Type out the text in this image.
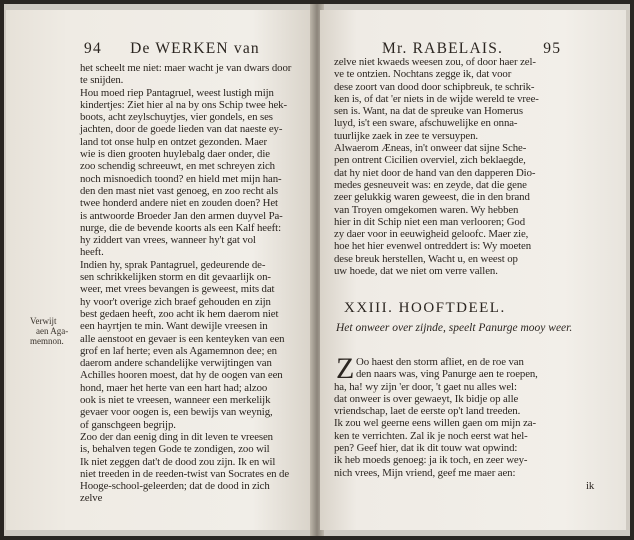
94 De WERKEN van
Verwijt
aen Aga-
memnon.
het scheelt me niet: maer wacht je van dwars door
te snijden.
Hou moed riep Pantagruel, weest lustigh mijn
kindertjes: Ziet hier al na by ons Schip twee hek-
boots, acht zeylschuytjes, vier gondels, en ses
jachten, door de goede lieden van dat naeste ey-
land tot onse hulp en ontzet gezonden. Maer
wie is dien grooten huylebalg daer onder, die
zoo schendig schreeuwt, en met schreyen zich
noch misnoedich toond? en hield met mijn han-
den den mast niet vast genoeg, en zoo recht als
twee honderd andere niet en zouden doen? Het
is antwoorde Broeder Jan den armen duyvel Pa-
nurge, die de bevende koorts als een Kalf heeft:
hy ziddert van vrees, wanneer hy't gat vol
heeft.
Indien hy, sprak Pantagruel, gedeurende de-
sen schrikkelijken storm en dit gevaarlijk on-
weer, met vrees bevangen is geweest, mits dat
hy voor't overige zich braef gehouden en zijn
best gedaen heeft, zoo acht ik hem daerom niet
een hayrtjen te min. Want dewijle vreesen in
alle aenstoot en gevaer is een kenteyken van een
grof en laf herte; even als Agamemnon dee; en
daerom andere schandelijke verwijtingen van
Achilles hooren moest, dat hy de oogen van een
hond, maer het herte van een hart had; alzoo
ook is niet te vreesen, wanneer een merkelijk
gevaer voor oogen is, een bewijs van weynig,
of ganschgeen begrijp.
Zoo der dan eenig ding in dit leven te vreesen
is, behalven tegen Gode te zondigen, zoo wil
Ik niet zeggen dat't de dood zou zijn. Ik en wil
niet treeden in de reeden-twist van Socrates en de
Hooge-school-geleerden; dat de dood in zich
zelve
Mr. RABELAIS.	95
zelve niet kwaeds weesen zou, of door haer zel-
ve te ontzien. Nochtans zegge ik, dat voor
dese zoort van dood door schipbreuk, te schrik-
ken is, of dat 'er niets in de wijde wereld te vree-
sen is. Want, na dat de spreuke van Homerus
luyd, is't een sware, afschuwelijke en onna-
tuurlijke zaek in zee te versuypen.
Alwaerom Æneas, in't onweer dat sijne Sche-
pen ontrent Cicilien overviel, zich beklaegde,
dat hy niet door de hand van den dapperen Dio-
medes gesneuveit was: en zeyde, dat die gene
zeer gelukkig waren geweest, die in den brand
van Troyen omgekomen waren. Wy hebben
hier in dit Schip niet een man verlooren; God
zy daer voor in eeuwigheid geloofc. Maer zie,
hoe het hier evenwel ontreddert is: Wy moeten
dese breuk herstellen, Wacht u, en weest op
uw hoede, dat we niet om verre vallen.
XXIII. HOOFTDEEL.
Het onweer over zijnde, speelt Panurge mooy weer.
Z Oo haest den storm afliet, en de roe van
den naars was, ving Panurge aen te roepen,
ha, ha! wy zijn 'er door, 't gaet nu alles wel:
dat onweer is over gewaeyt, Ik bidje op alle
vriendschap, laet de eerste op't land treeden.
Ik zou wel geerne eens willen gaen om mijn za-
ken te verrichten. Zal ik je noch eerst wat hel-
pen? Geef hier, dat ik dit touw wat opwind:
ik heb moeds genoeg: ja ik toch, en zeer wey-
nich vrees, Mijn vriend, geef me maer aen:
ik
